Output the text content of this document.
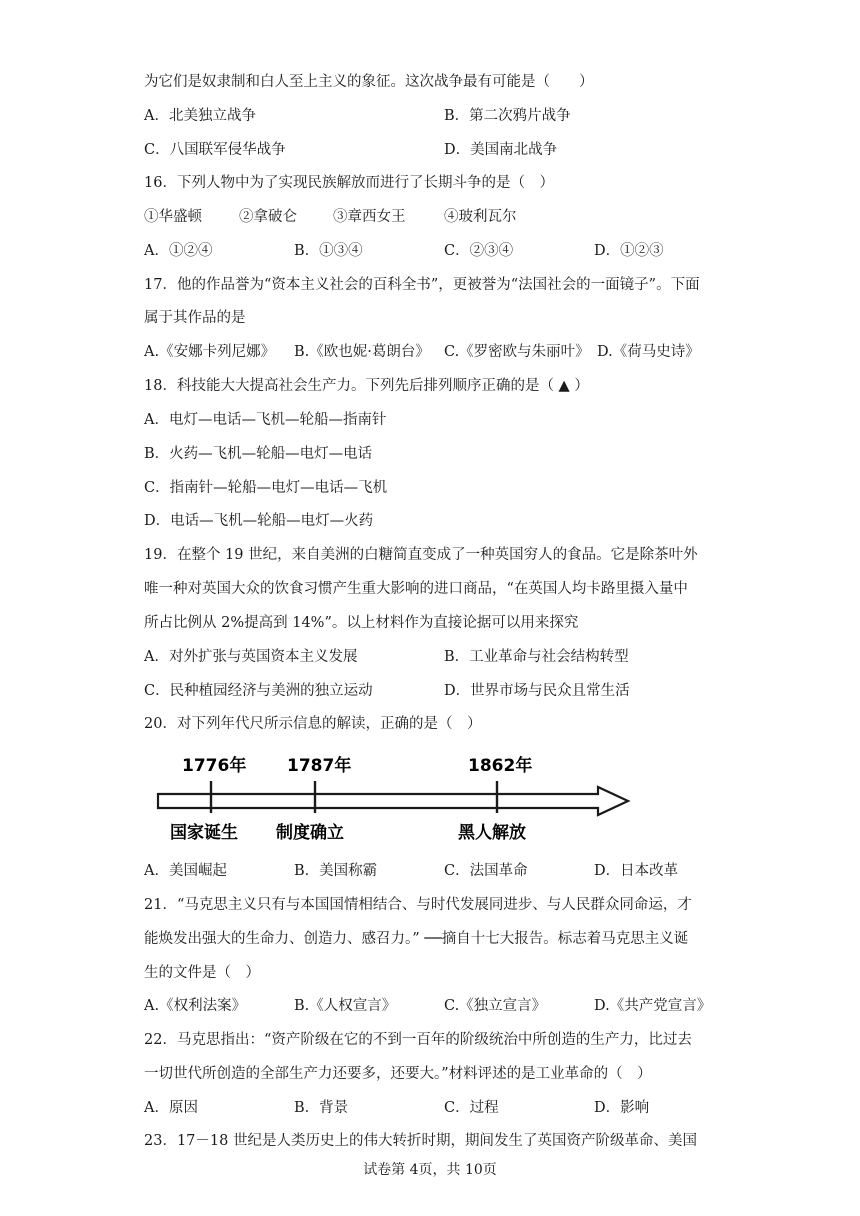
为它们是奴隶制和白人至上主义的象征。这次战争最有可能是（　　）
A．北美独立战争	B．第二次鸦片战争
C．八国联军侵华战争	D．美国南北战争
16．下列人物中为了实现民族解放而进行了长期斗争的是（　）
①华盛顿	②拿破仑 ③章西女王	④玻利瓦尔
A．①②④	B．①③④	C．②③④	D．①②③
17．他的作品誉为“资本主义社会的百科全书”，更被誉为“法国社会的一面镜子”。下面
属于其作品的是
A.《安娜卡列尼娜》 B.《欧也妮·葛朗台》 C.《罗密欧与朱丽叶》 D.《荷马史诗》
18．科技能大大提高社会生产力。下列先后排列顺序正确的是（ ▲ ）
A．电灯—电话—飞机—轮船—指南针
B．火药—飞机—轮船—电灯—电话
C．指南针—轮船—电灯—电话—飞机
D．电话—飞机—轮船—电灯—火药
19．在整个 19 世纪，来自美洲的白糖简直变成了一种英国穷人的食品。它是除茶叶外
唯一种对英国大众的饮食习惯产生重大影响的进口商品，“在英国人均卡路里摄入量中
所占比例从 2%提高到 14%”。以上材料作为直接论据可以用来探究
A．对外扩张与英国资本主义发展	B．工业革命与社会结构转型
C．民种植园经济与美洲的独立运动	D．世界市场与民众且常生活
20．对下列年代尺所示信息的解读，正确的是（　）
1776年 1787年	1862年
国家诞生 制度确立	黑人解放
A．美国崛起	B．美国称霸	C．法国革命	D．日本改革
21．“马克思主义只有与本国国情相结合、与时代发展同进步、与人民群众同命运，才
能焕发出强大的生命力、创造力、感召力。” ──摘自十七大报告。标志着马克思主义诞
生的文件是（　）
A.《权利法案》	B.《人权宣言》	C.《独立宣言》	D.《共产党宣言》
22．马克思指出：“资产阶级在它的不到一百年的阶级统治中所创造的生产力，比过去
一切世代所创造的全部生产力还要多，还要大。”材料评述的是工业革命的（　）
A．原因	B．背景	C．过程	D．影响
23．17－18 世纪是人类历史上的伟大转折时期，期间发生了英国资产阶级革命、美国
试卷第 4页，共 10页
